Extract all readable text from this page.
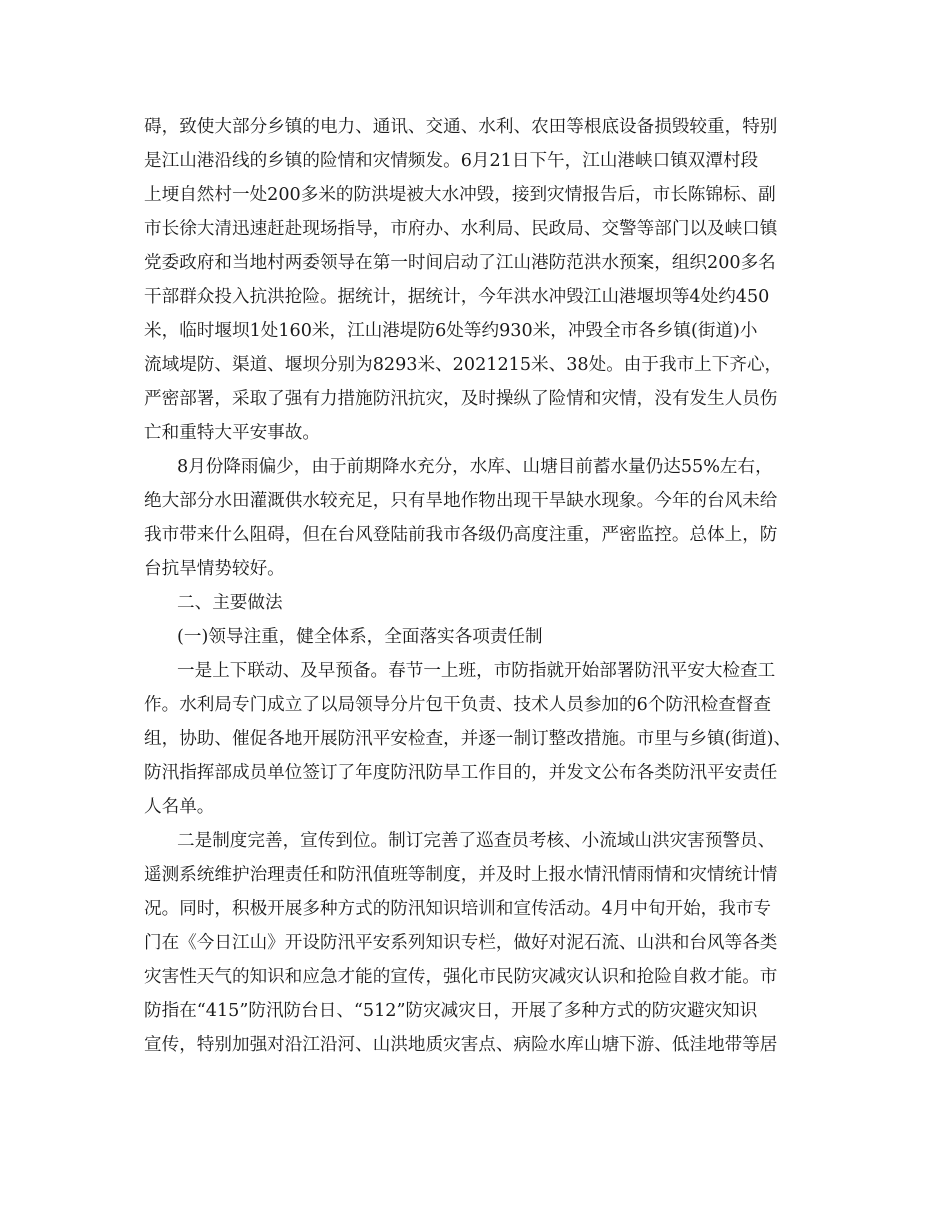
碍，致使大部分乡镇的电力、通讯、交通、水利、农田等根底设备损毁较重，特别
是江山港沿线的乡镇的险情和灾情频发。6月21日下午，江山港峡口镇双潭村段
上埂自然村一处200多米的防洪堤被大水冲毁，接到灾情报告后，市长陈锦标、副
市长徐大清迅速赶赴现场指导，市府办、水利局、民政局、交警等部门以及峡口镇
党委政府和当地村两委领导在第一时间启动了江山港防范洪水预案，组织200多名
干部群众投入抗洪抢险。据统计，据统计，今年洪水冲毁江山港堰坝等4处约450
米，临时堰坝1处160米，江山港堤防6处等约930米，冲毁全市各乡镇(街道)小
流域堤防、渠道、堰坝分别为8293米、2021215米、38处。由于我市上下齐心，
严密部署，采取了强有力措施防汛抗灾，及时操纵了险情和灾情，没有发生人员伤
亡和重特大平安事故。
8月份降雨偏少，由于前期降水充分，水库、山塘目前蓄水量仍达55%左右，
绝大部分水田灌溉供水较充足，只有旱地作物出现干旱缺水现象。今年的台风未给
我市带来什么阻碍，但在台风登陆前我市各级仍高度注重，严密监控。总体上，防
台抗旱情势较好。
二、主要做法
(一)领导注重，健全体系，全面落实各项责任制
一是上下联动、及早预备。春节一上班，市防指就开始部署防汛平安大检查工
作。水利局专门成立了以局领导分片包干负责、技术人员参加的6个防汛检查督查
组，协助、催促各地开展防汛平安检查，并逐一制订整改措施。市里与乡镇(街道)、
防汛指挥部成员单位签订了年度防汛防旱工作目的，并发文公布各类防汛平安责任
人名单。
二是制度完善，宣传到位。制订完善了巡查员考核、小流域山洪灾害预警员、
遥测系统维护治理责任和防汛值班等制度，并及时上报水情汛情雨情和灾情统计情
况。同时，积极开展多种方式的防汛知识培训和宣传活动。4月中旬开始，我市专
门在《今日江山》开设防汛平安系列知识专栏，做好对泥石流、山洪和台风等各类
灾害性天气的知识和应急才能的宣传，强化市民防灾减灾认识和抢险自救才能。市
防指在“415”防汛防台日、“512”防灾减灾日，开展了多种方式的防灾避灾知识
宣传，特别加强对沿江沿河、山洪地质灾害点、病险水库山塘下游、低洼地带等居
